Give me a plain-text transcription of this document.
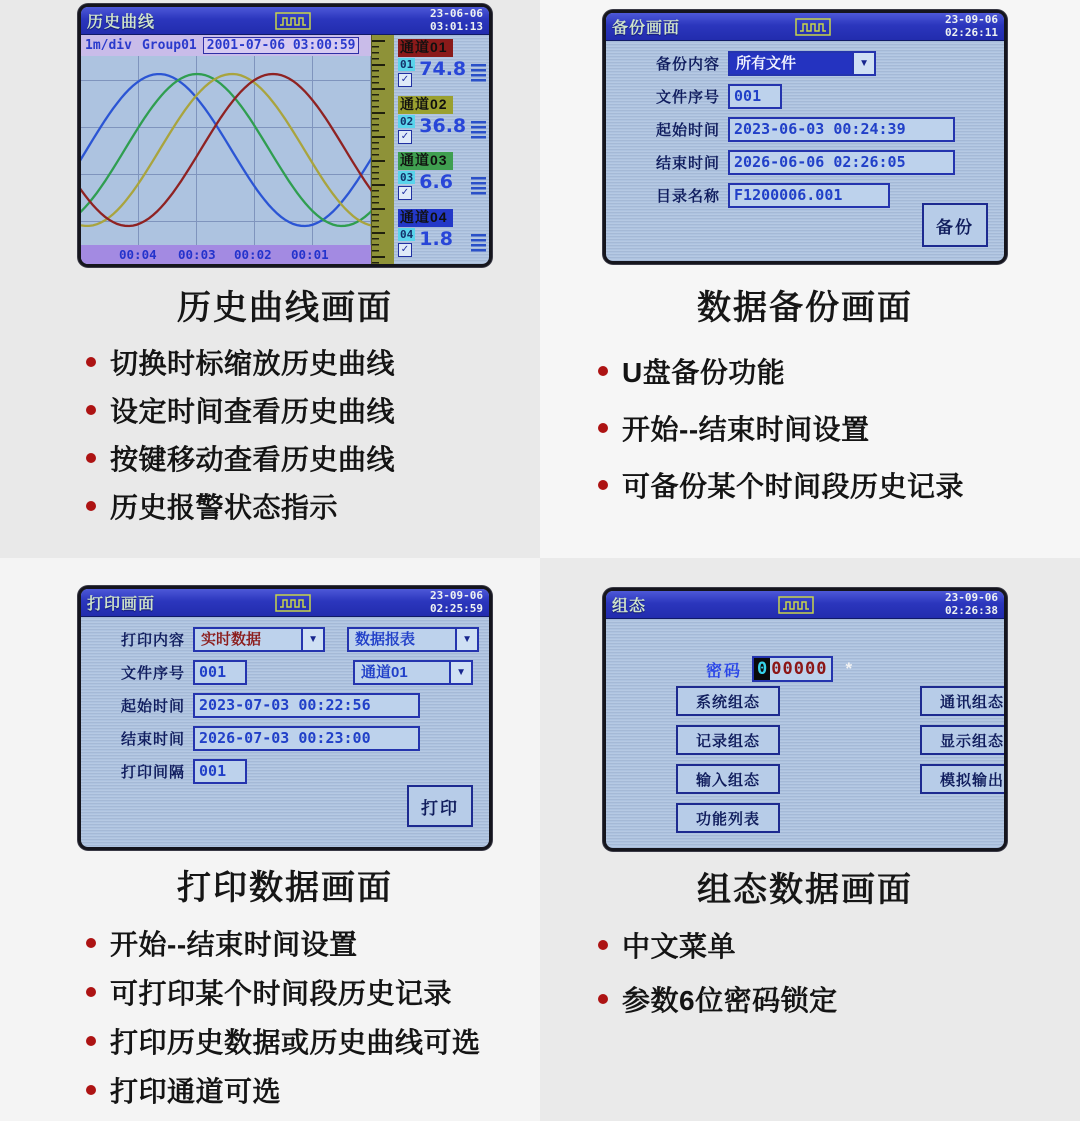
历史曲线
23-06-06
03:01:13
1m/div Group01 2001-07-06 03:00:59
00:04 00:03 00:02 00:01
通道01
01
✓ 74.8
通道02
02
✓ 36.8
通道03
03
✓ 6.6
通道04
04
✓ 1.8
历史曲线画面
切换时标缩放历史曲线
设定时间查看历史曲线
按键移动查看历史曲线
历史报警状态指示
备份画面
23-09-06
02:26:11
备份内容	所有文件	▼
文件序号 001
起始时间 2023-06-03 00:24:39
结束时间 2026-06-06 02:26:05
目录名称 F1200006.001
备份
数据备份画面
U盘备份功能
开始--结束时间设置
可备份某个时间段历史记录
打印画面
23-09-06
02:25:59
打印内容	实时数据	▼	数据报表	▼
文件序号 001	通道01	▼
起始时间 2023-07-03 00:22:56
结束时间 2026-07-03 00:23:00
打印间隔 001
打印
打印数据画面
开始--结束时间设置
可打印某个时间段历史记录
打印历史数据或历史曲线可选
打印通道可选
组态
23-09-06
02:26:38
密码 0 00000 *
系统组态	通讯组态
记录组态	显示组态
输入组态	模拟输出
功能列表
组态数据画面
中文菜单
参数6位密码锁定
